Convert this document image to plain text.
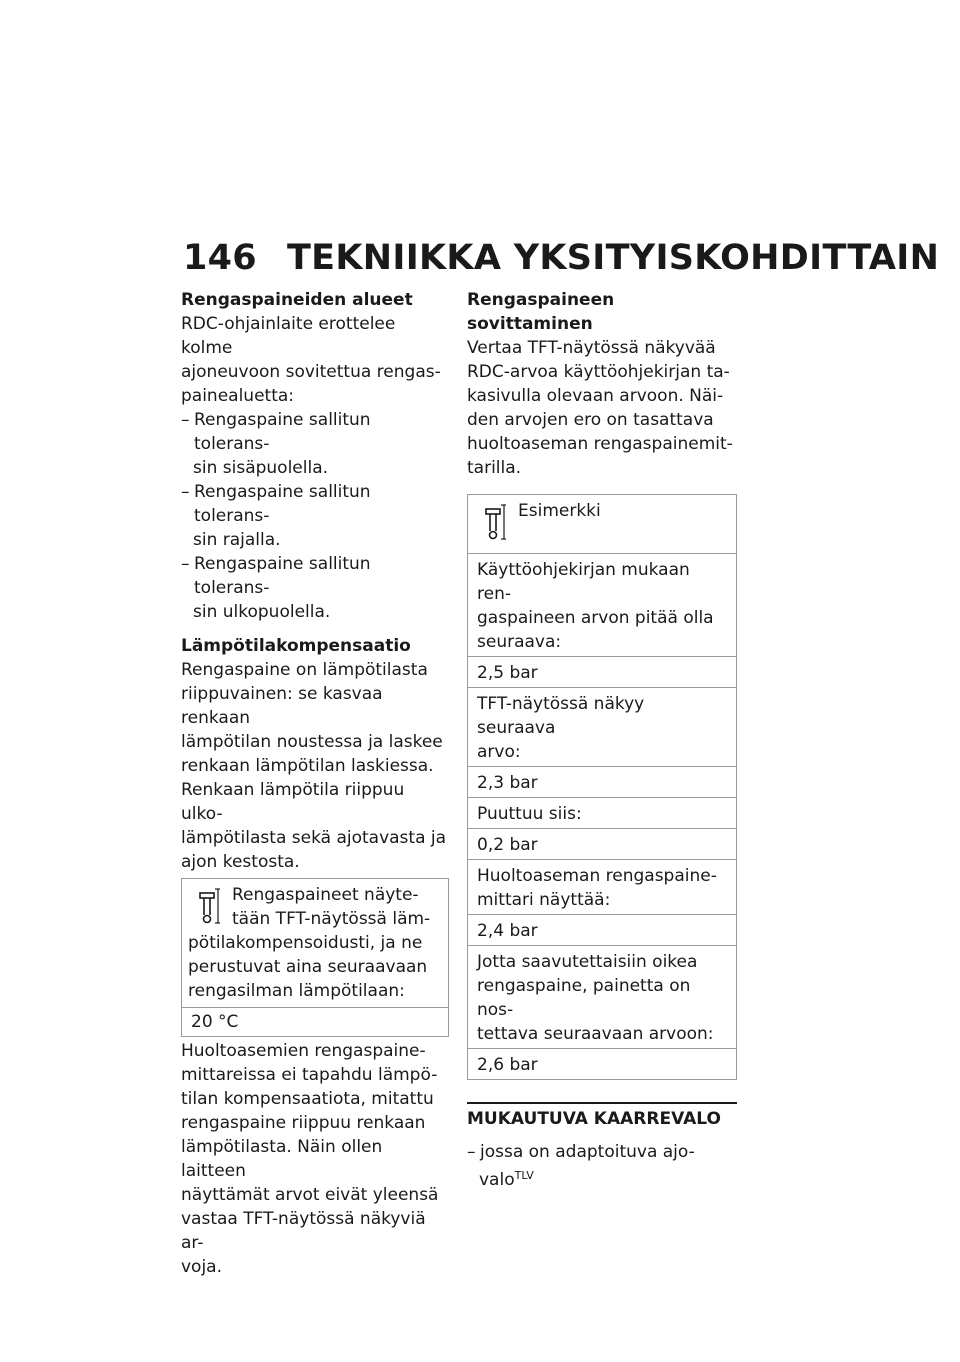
146 TEKNIIKKA YKSITYISKOHDITTAIN

Rengaspaineiden alueet

RDC-ohjainlaite erottelee kolme
ajoneuvoon sovitettua rengas-
painealuetta:
– Rengaspaine sallitun tolerans-
sin sisäpuolella.
– Rengaspaine sallitun tolerans-
sin rajalla.
– Rengaspaine sallitun tolerans-
sin ulkopuolella.

Lämpötilakompensaatio

Rengaspaine on lämpötilasta
riippuvainen: se kasvaa renkaan
lämpötilan noustessa ja laskee
renkaan lämpötilan laskiessa.
Renkaan lämpötila riippuu ulko-
lämpötilasta sekä ajotavasta ja
ajon kestosta.
Rengaspaineet näyte-
tään TFT-näytössä läm-
pötilakompensoidusti, ja ne
perustuvat aina seuraavaan
rengasilman lämpötilaan:
20 °C
Huoltoasemien rengaspaine-
mittareissa ei tapahdu lämpö-
tilan kompensaatiota, mitattu
rengaspaine riippuu renkaan
lämpötilasta. Näin ollen laitteen
näyttämät arvot eivät yleensä
vastaa TFT-näytössä näkyviä ar-
voja.

Rengaspaineen sovittaminen

Vertaa TFT-näytössä näkyvää
RDC-arvoa käyttöohjekirjan ta-
kasivulla olevaan arvoon. Näi-
den arvojen ero on tasattava
huoltoaseman rengaspainemit-
tarilla.
Esimerkki
Käyttöohjekirjan mukaan ren-
gaspaineen arvon pitää olla
seuraava:
2,5 bar
TFT-näytössä näkyy seuraava
arvo:
2,3 bar
Puuttuu siis:
0,2 bar
Huoltoaseman rengaspaine-
mittari näyttää:
2,4 bar
Jotta saavutettaisiin oikea
rengaspaine, painetta on nos-
tettava seuraavaan arvoon:
2,6 bar
MUKAUTUVA KAARREVALO
– jossa on adaptoituva ajo-
valo$^{TLV}$
